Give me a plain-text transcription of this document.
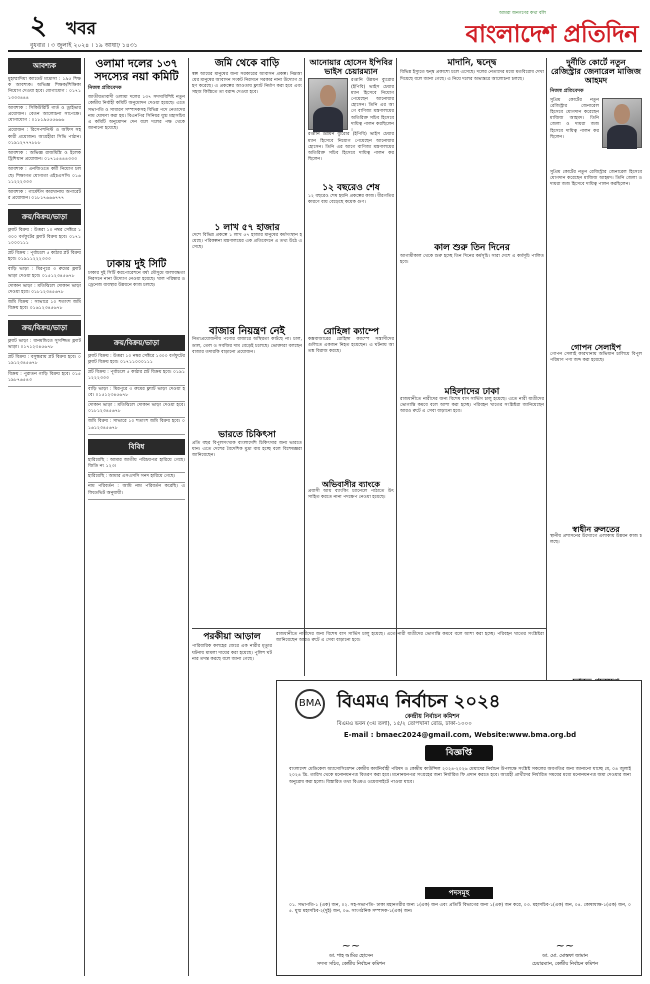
২ খবর
বুধবার । ৩ জুলাই ২০২৪ । ১৯ আষাঢ় ১৪৩১
আমরা জনগণের কথা বলি
বাংলাদেশ প্রতিদিন
আবশ্যক
মুহাম্মাদিয়া ক্যাডেট মাদ্রাসা : ১৯৫ শিক্ষক আবশ্যক। অভিজ্ঞ শিক্ষক/শিক্ষিকা নিয়োগ দেওয়া হবে। যোগাযোগ : ০১৭১১৩৩৩৪৪৪
আবশ্যক : সিকিউরিটি গার্ড ও ড্রাইভার প্রয়োজন। বেতন আলোচনা সাপেক্ষে। যোগাযোগ : ০১৮১৯৫৫৫৬৬৬
প্রয়োজন : রিসেপশনিস্ট ও অফিস সহকারী প্রয়োজন। আগ্রহীরা সিভি পাঠান। ০১৯১২৭৭৭৮৮৮
আবশ্যক : অভিজ্ঞ রাজমিস্ত্রি ও ইলেকট্রিশিয়ান প্রয়োজন। ০১৭১৫৪৪৪৩৩৩
আবশ্যক : এনজিওতে কর্মী নিয়োগ চলছে। শিক্ষাগত যোগ্যতা এইচএসসি। ০১৬১১২২২৩৩৩
আবশ্যক : গার্মেন্টস কারখানায় অপারেটর প্রয়োজন। ০১৮১৭৬৬৬৭৭৭
ক্রয়/বিক্রয়/ভাড়া
ফ্ল্যাট বিক্রয় : উত্তরা ১০ নম্বর সেক্টরে ১৩০০ বর্গফুটের ফ্ল্যাট বিক্রয় হবে। ০১৭১১০০০১১১
প্লট বিক্রয় : পূর্বাচলে ৫ কাঠার প্লট বিক্রয় হবে। ০১৯১১২২২৩৩৩
বাড়ি ভাড়া : মিরপুরে ৩ রুমের ফ্ল্যাট ভাড়া দেওয়া হবে। ০১৫১২৩৪৫৬৭৮
দোকান ভাড়া : মতিঝিলে দোকান ভাড়া দেওয়া হবে। ০১৮১২৩৪৫৬৭৮
জমি বিক্রয় : সাভারে ১০ শতাংশ জমি বিক্রয় হবে। ০১৬১২৩৪৫৬৭৮
ক্রয়/বিক্রয়/ভাড়া
ফ্ল্যাট ভাড়া : ধানমন্ডিতে সুসজ্জিত ফ্ল্যাট ভাড়া। ০১৭১২৩৪৫৬৭৮
প্লট বিক্রয় : বসুন্ধরায় প্লট বিক্রয় হবে। ০১৯১২৩৪৫৬৭৮
বিক্রয় : পুরাতন গাড়ি বিক্রয় হবে। ০১৫১৯৮৭৬৫৪৩
ওলামা দলের ১৩৭ সদস্যের নয়া কমিটি
নিজস্ব প্রতিবেদক
জাতীয়তাবাদী ওলামা দলের ১৩৭ সদস্যবিশিষ্ট নতুন কেন্দ্রীয় নির্বাহী কমিটি অনুমোদন দেওয়া হয়েছে। এতে সভাপতি ও সাধারণ সম্পাদকসহ বিভিন্ন পদে নেতাদের নাম ঘোষণা করা হয়। বিএনপির সিনিয়র যুগ্ম মহাসচিব এ কমিটি অনুমোদন দেন বলে দলের পক্ষ থেকে জানানো হয়েছে।
ঢাকায় দুই সিটি
ঢাকার দুই সিটি করপোরেশনে বর্ষা মৌসুমে জলাবদ্ধতা নিরসনে নানা উদ্যোগ নেওয়া হয়েছে। খাল পরিষ্কার ও ড্রেনেজ ব্যবস্থার উন্নয়নে কাজ চলছে।
ক্রয়/বিক্রয়/ভাড়া
ফ্ল্যাট বিক্রয় : উত্তরা ১০ নম্বর সেক্টরে ১৩০০ বর্গফুটের ফ্ল্যাট বিক্রয় হবে। ০১৭১১০০০১১১
প্লট বিক্রয় : পূর্বাচলে ৫ কাঠার প্লট বিক্রয় হবে। ০১৯১১২২২৩৩৩
বাড়ি ভাড়া : মিরপুরে ৩ রুমের ফ্ল্যাট ভাড়া দেওয়া হবে। ০১৫১২৩৪৫৬৭৮
দোকান ভাড়া : মতিঝিলে দোকান ভাড়া দেওয়া হবে। ০১৮১২৩৪৫৬৭৮
জমি বিক্রয় : সাভারে ১০ শতাংশ জমি বিক্রয় হবে। ০১৬১২৩৪৫৬৭৮
বিবিধ
হারিয়েছি : আমার জাতীয় পরিচয়পত্র হারিয়ে গেছে। জিডি নং ১২৩।
হারিয়েছি : আমার এসএসসি সনদ হারিয়ে গেছে।
নাম পরিবর্তন : আমি নাম পরিবর্তন করেছি। এফিডেভিট অনুযায়ী।
জমি থেকে বাড়ি
স্বল্প আয়ের মানুষের জন্য সরকারের আবাসন প্রকল্প। নিম্নআয়ের মানুষের আবাসন সংকট নিরসনে সরকার নানা উদ্যোগ গ্রহণ করেছে। এ প্রকল্পের আওতায় ফ্ল্যাট নির্মাণ করা হবে এবং সহজ কিস্তিতে তা বরাদ্দ দেওয়া হবে।
১ লাখ ৫৭ হাজার
দেশে বিভিন্ন প্রকল্পে ১ লাখ ৫৭ হাজার মানুষের কর্মসংস্থান হয়েছে। পরিকল্পনা মন্ত্রণালয়ের এক প্রতিবেদনে এ তথ্য উঠে এসেছে।
বাজার নিয়ন্ত্রণ নেই
নিত্যপ্রয়োজনীয় পণ্যের বাজারে অস্থিরতা কাটছে না। চাল, ডাল, তেল ও সবজির দাম বেড়েই চলেছে। ভোক্তারা বলছেন বাজার তদারকি বাড়ানো প্রয়োজন।
ভারতে চিকিৎসা
প্রতি বছর বিপুলসংখ্যক বাংলাদেশি চিকিৎসার জন্য ভারতে যান। এতে দেশের বৈদেশিক মুদ্রা ব্যয় হচ্ছে বলে বিশেষজ্ঞরা জানিয়েছেন।
আনোয়ার হোসেন ইপিবির ভাইস চেয়ারম্যান
রপ্তানি উন্নয়ন ব্যুরোর (ইপিবি) ভাইস চেয়ারম্যান হিসেবে নিয়োগ পেয়েছেন আনোয়ার হোসেন। তিনি এর আগে বাণিজ্য মন্ত্রণালয়ের অতিরিক্ত সচিব হিসেবে দায়িত্ব পালন করছিলেন।
রপ্তানি উন্নয়ন ব্যুরোর (ইপিবি) ভাইস চেয়ারম্যান হিসেবে নিয়োগ পেয়েছেন আনোয়ার হোসেন। তিনি এর আগে বাণিজ্য মন্ত্রণালয়ের অতিরিক্ত সচিব হিসেবে দায়িত্ব পালন করছিলেন।
১২ বছরেও শেষ
১২ বছরেও শেষ হয়নি প্রকল্পের কাজ। ধীরগতির কারণে ব্যয় বেড়েছে কয়েক গুণ।
রোহিঙ্গা ক্যাম্পে
কক্সবাজারের রোহিঙ্গা ক্যাম্পে সন্ত্রাসীদের গুলিতে একজন নিহত হয়েছেন। এ ঘটনায় আতঙ্ক বিরাজ করছে।
অভিবাসীর ব্যাংকে
প্রবাসী আয় ব্যাংকিং চ্যানেলে পাঠাতে উৎসাহিত করতে নানা পদক্ষেপ নেওয়া হয়েছে।
মাদানি, দ্বন্দ্বে
বিভিন্ন ইস্যুতে দ্বন্দ্ব প্রকাশ্যে চলে এসেছে। দলের নেতাদের মধ্যে মতবিরোধ দেখা দিয়েছে বলে জানা গেছে। এ নিয়ে দলের অভ্যন্তরে আলোচনা চলছে।
কাল শুরু তিন দিনের
আগামীকাল থেকে শুরু হচ্ছে তিন দিনের কর্মসূচি। সারা দেশে এ কর্মসূচি পালিত হবে।
মহিলাদের ঢাকা
রাজধানীতে নারীদের জন্য বিশেষ বাস সার্ভিস চালু হয়েছে। এতে নারী যাত্রীদের ভোগান্তি কমবে বলে আশা করা হচ্ছে। পরিবহন খাতের সংশ্লিষ্টরা জানিয়েছেন আরও রুটে এ সেবা বাড়ানো হবে।
দুর্নীতি কোর্টে নতুন রেজিস্ট্রার জেনারেল মাজিজ আহমদ
নিজস্ব প্রতিবেদক
সুপ্রিম কোর্টের নতুন রেজিস্ট্রার জেনারেল হিসেবে যোগদান করেছেন মাজিজ আহমদ। তিনি জেলা ও দায়রা জজ হিসেবে দায়িত্ব পালন করছিলেন।
সুপ্রিম কোর্টের নতুন রেজিস্ট্রার জেনারেল হিসেবে যোগদান করেছেন মাজিজ আহমদ। তিনি জেলা ও দায়রা জজ হিসেবে দায়িত্ব পালন করছিলেন।
গোপন সেলাইপ
গোপন সেলাই কারখানায় অভিযান চালিয়ে বিপুল পরিমাণ পণ্য জব্দ করা হয়েছে।
স্বাধীন রুলতের
স্থানীয় প্রশাসনের উদ্যোগে এলাকায় উন্নয়ন কাজ চলছে।
পরকীয়া আড়াল
পারিবারিক কলহের জেরে এক নারীর মৃত্যুর ঘটনায় মামলা দায়ের করা হয়েছে। পুলিশ ঘটনার তদন্ত করছে বলে জানা গেছে।
রাজধানীতে নারীদের জন্য বিশেষ বাস সার্ভিস চালু হয়েছে। এতে নারী যাত্রীদের ভোগান্তি কমবে বলে আশা করা হচ্ছে। পরিবহন খাতের সংশ্লিষ্টরা জানিয়েছেন আরও রুটে এ সেবা বাড়ানো হবে।
BMA বিএমএ নির্বাচন ২০২৪
কেন্দ্রীয় নির্বাচন কমিশন
বিএমএ ভবন (৩য় তলা), ১৫/২ তোপখানা রোড, ঢাকা-১০০০
E-mail : bmaec2024@gmail.com, Website:www.bma.org.bd
বিজ্ঞপ্তি
বাংলাদেশ মেডিকেল অ্যাসোসিয়েশন কেন্দ্রীয় কার্যনির্বাহী পরিষদ ও কেন্দ্রীয় কাউন্সিল ২০২৪-২০২৬ মেয়াদের নির্বাচন উপলক্ষে সংশ্লিষ্ট সকলের অবগতির জন্য জানানো যাচ্ছে যে, ০৪ জুলাই ২০২৪ খ্রি. তারিখ থেকে মনোনয়নপত্র বিতরণ করা হবে। মনোনয়নপত্র সংগ্রহের জন্য নির্ধারিত ফি প্রদান করতে হবে। আগ্রহী প্রার্থীদের নির্ধারিত সময়ের মধ্যে মনোনয়নপত্র জমা দেওয়ার জন্য অনুরোধ করা হলো। বিস্তারিত তথ্য বিএমএ ওয়েবসাইটে পাওয়া যাবে।
পদসমূহ
০১. সভাপতি-১ (এক) জন, ০২. সহ-সভাপতি- ঢাকা মহানগরীর জন্য ১(এক) জন এবং প্রতিটি বিভাগের জন্য ১(এক) জন করে, ০৩. মহাসচিব-১(এক) জন, ০৪. কোষাধ্যক্ষ-১(এক) জন, ০৫. যুগ্ম মহাসচিব-২(দুই) জন, ০৬. সাংগঠনিক সম্পাদক-১(এক) জন।
~~
ডা. শাহ আমির হোসেন
সদস্য সচিব, কেন্দ্রীয় নির্বাচন কমিশন
~~
ডা. মো. মোস্তফা জামান
চেয়ারম্যান, কেন্দ্রীয় নির্বাচন কমিশন
